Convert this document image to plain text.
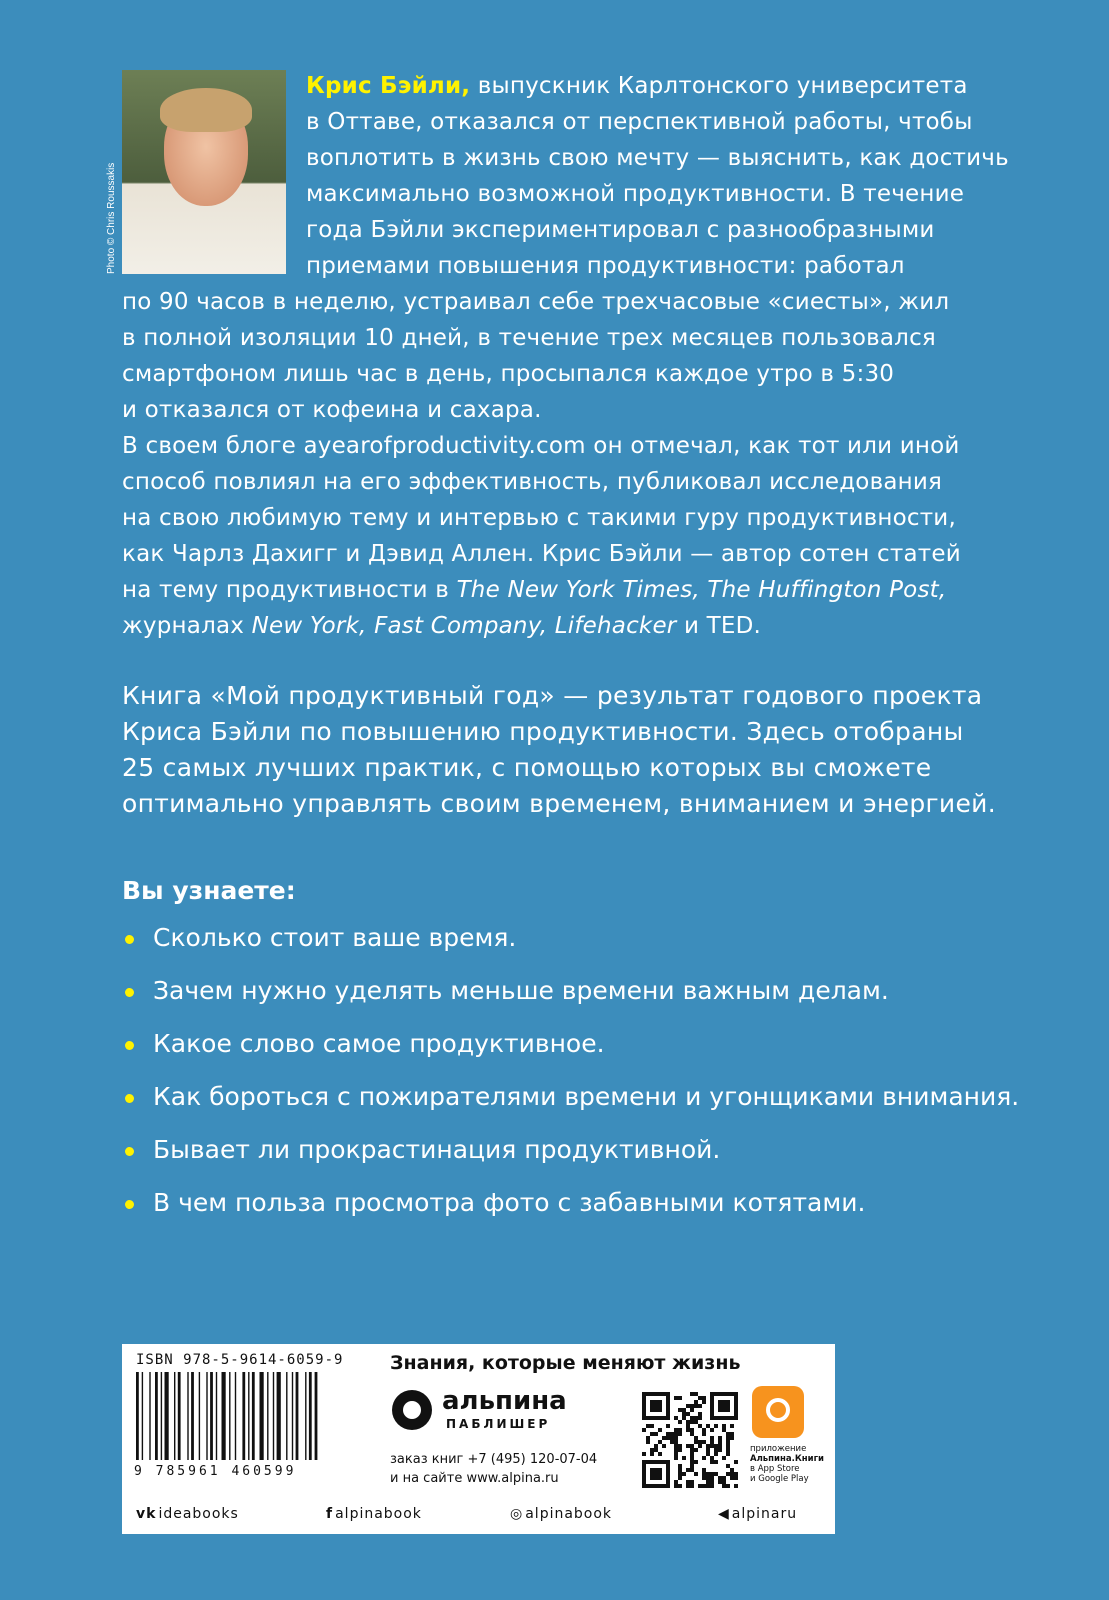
Photo © Chris Roussakis
Крис Бэйли, выпускник Карлтонского университета
в Оттаве, отказался от перспективной работы, чтобы
воплотить в жизнь свою мечту — выяснить, как достичь
максимально возможной продуктивности. В течение
года Бэйли экспериментировал с разнообразными
приемами повышения продуктивности: работал
по 90 часов в неделю, устраивал себе трехчасовые «сиесты», жил
в полной изоляции 10 дней, в течение трех месяцев пользовался
смартфоном лишь час в день, просыпался каждое утро в 5:30
и отказался от кофеина и сахара.
В своем блоге ayearofproductivity.com он отмечал, как тот или иной
способ повлиял на его эффективность, публиковал исследования
на свою любимую тему и интервью с такими гуру продуктивности,
как Чарлз Дахигг и Дэвид Аллен. Крис Бэйли — автор сотен статей
на тему продуктивности в The New York Times, The Huffington Post,
журналах New York, Fast Company, Lifehacker и TED.
Книга «Мой продуктивный год» — результат годового проекта Криса Бэйли по повышению продуктивности. Здесь отобраны 25 самых лучших практик, с помощью которых вы сможете оптимально управлять своим временем, вниманием и энергией.
Вы узнаете:
Сколько стоит ваше время.
Зачем нужно уделять меньше времени важным делам.
Какое слово самое продуктивное.
Как бороться с пожирателями времени и угонщиками внимания.
Бывает ли прокрастинация продуктивной.
В чем польза просмотра фото с забавными котятами.
ISBN 978-5-9614-6059-9
9 785961 460599
Знания, которые меняют жизнь
альпина
ПАБЛИШЕР
заказ книг +7 (495) 120-07-04
и на сайте www.alpina.ru
приложение
Альпина.Книги
в App Store
и Google Play
vk ideabooks	f alpinabook	◎ alpinabook	◀ alpinaru
